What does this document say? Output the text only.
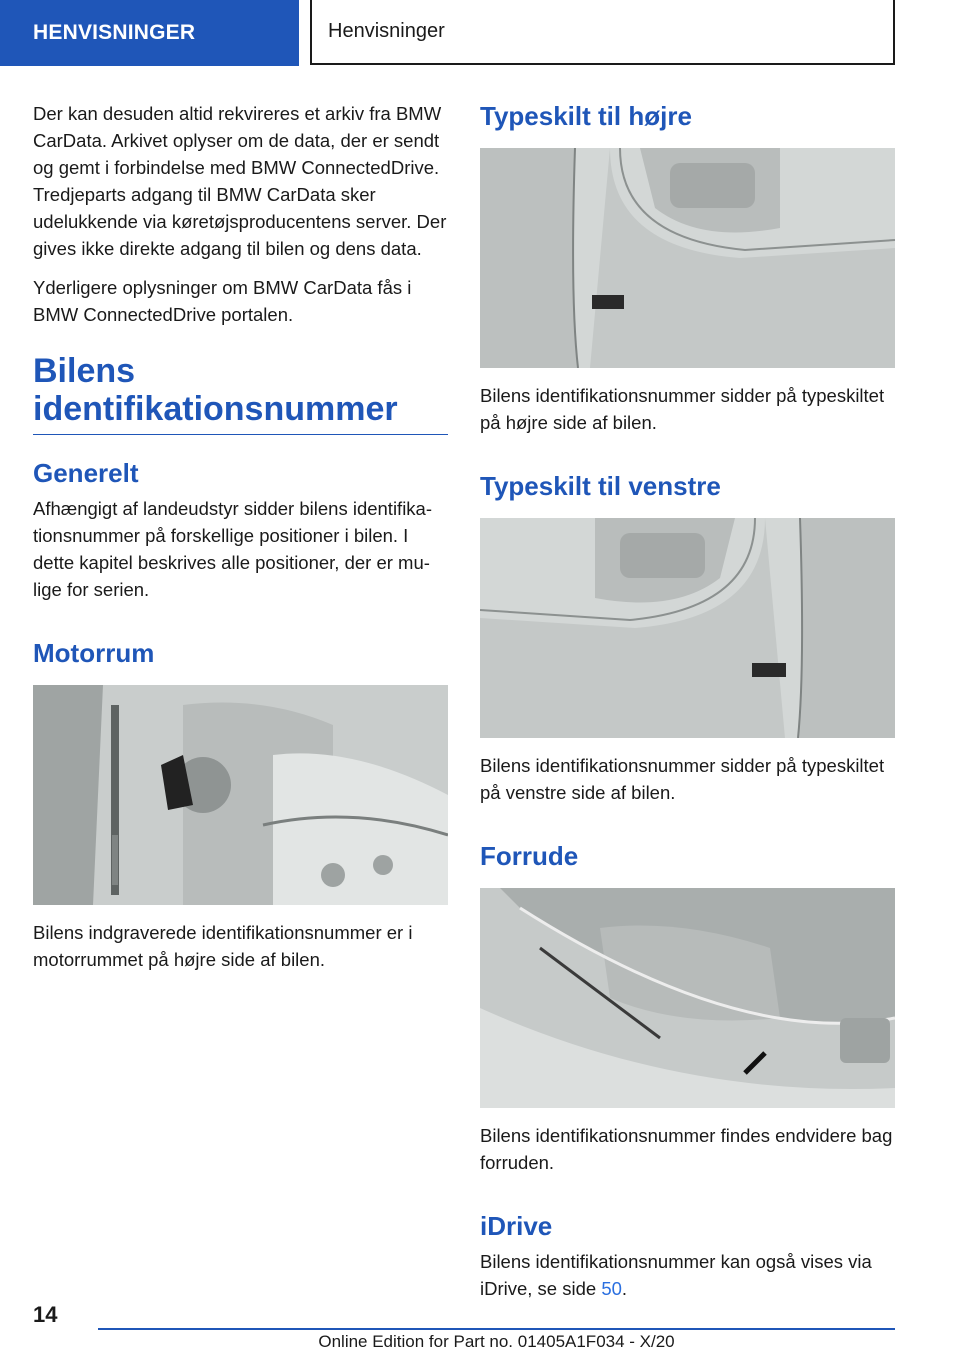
HENVISNINGER	Henvisninger

Der kan desuden altid rekvireres et arkiv fra BMW CarData. Arkivet oplyser om de data, der er sendt og gemt i forbindelse med BMW ConnectedDrive. Tredjeparts adgang til BMW CarData sker udelukkende via køretøjsproducentens server. Der gives ikke direkte adgang til bilen og dens data.

Yderligere oplysninger om BMW CarData fås i BMW ConnectedDrive portalen.

Bilens identifikationsnummer
Generelt

Afhængigt af landeudstyr sidder bilens identifikationsnummer på forskellige positioner i bilen. I dette kapitel beskrives alle positioner, der er mulige for serien.

Motorrum

Bilens indgraverede identifikationsnummer er i motorrummet på højre side af bilen.

Typeskilt til højre

Bilens identifikationsnummer sidder på typeskiltet på højre side af bilen.

Typeskilt til venstre

Bilens identifikationsnummer sidder på typeskiltet på venstre side af bilen.

Forrude

Bilens identifikationsnummer findes endvidere bag forruden.

iDrive

Bilens identifikationsnummer kan også vises via iDrive, se side 50.

14
Online Edition for Part no. 01405A1F034 - X/20
